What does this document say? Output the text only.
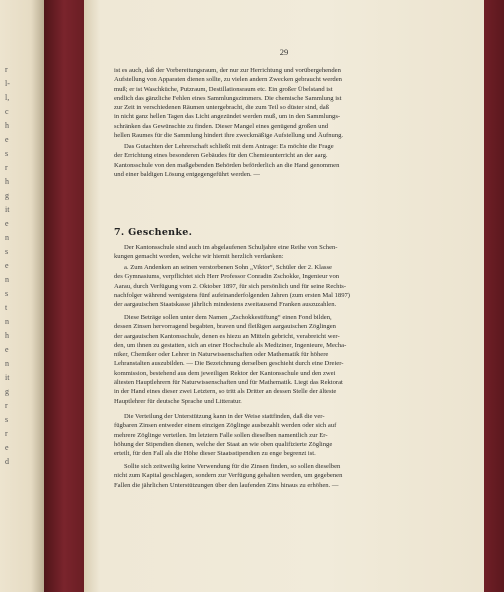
r
l-
l,
c
h
e
s
r
h
g
it
e
n
s
e
n
s
t
n
h
e
n
it
g
r
s
r
e
d
29
ist es auch, daß der Vorbereitungsraum, der nur zur Herrichtung und vorübergehenden
Aufstellung von Apparaten dienen sollte, zu vielen andern Zwecken gebraucht werden
muß; er ist Waschküche, Putzraum, Destillationsraum etc. Ein großer Übelstand ist
endlich das gänzliche Fehlen eines Sammlungszimmers. Die chemische Sammlung ist
zur Zeit in verschiedenen Räumen untergebracht, die zum Teil so düster sind, daß
in nicht ganz hellen Tagen das Licht angezündet werden muß, um in den Sammlungs-
schränken das Gewünschte zu finden. Dieser Mangel eines genügend großen und
hellen Raumes für die Sammlung hindert ihre zweckmäßige Aufstellung und Äufnung.
Das Gutachten der Lehrerschaft schließt mit dem Antrage: Es möchte die Frage
der Errichtung eines besonderen Gebäudes für den Chemieunterricht an der aarg.
Kantonsschule von den maßgebenden Behörden beförderlich an die Hand genommen
und einer baldigen Lösung entgegengeführt werden. —
7. Geschenke.
Der Kantonsschule sind auch im abgelaufenen Schuljahre eine Reihe von Schen-
kungen gemacht worden, welche wir hiemit herzlich verdanken:
a. Zum Andenken an seinen verstorbenen Sohn „Viktor“, Schüler der 2. Klasse
des Gymnasiums, verpflichtet sich Herr Professor Conradin Zschokke, Ingenieur von
Aarau, durch Verfügung vom 2. Oktober 1897, für sich persönlich und für seine Rechts-
nachfolger während wenigstens fünf aufeinanderfolgenden Jahren (zum ersten Mal 1897)
der aargauischen Staatskasse jährlich mindestens zweitausend Franken auszuzahlen.
Diese Beträge sollen unter dem Namen „Zschokkestiftung“ einen Fond bilden,
dessen Zinsen hervorragend begabten, braven und fleißigen aargauischen Zöglingen
der aargauischen Kantonsschule, denen es hiezu an Mitteln gebricht, verabreicht wer-
den, um ihnen zu gestatten, sich an einer Hochschule als Mediziner, Ingenieure, Mecha-
niker, Chemiker oder Lehrer in Naturwissenschaften oder Mathematik für höhere
Lehranstalten auszubilden. — Die Bezeichnung derselben geschieht durch eine Dreier-
kommission, bestehend aus dem jeweiligen Rektor der Kantonsschule und den zwei
ältesten Hauptlehrern für Naturwissenschaften und für Mathematik. Liegt das Rektorat
in der Hand eines dieser zwei Letztern, so tritt als Dritter an dessen Stelle der älteste
Hauptlehrer für deutsche Sprache und Litteratur.
Die Verteilung der Unterstützung kann in der Weise stattfinden, daß die ver-
fügbaren Zinsen entweder einem einzigen Zöglinge ausbezahlt werden oder sich auf
mehrere Zöglinge verteilen. Im letztern Falle sollen dieselben namentlich zur Er-
höhung der Stipendien dienen, welche der Staat an wie oben qualifizierte Zöglinge
erteilt, für den Fall als die Höhe dieser Staatsstipendien zu enge begrenzt ist.
Sollte sich zeitweilig keine Verwendung für die Zinsen finden, so sollen dieselben
nicht zum Kapital geschlagen, sondern zur Verfügung gehalten werden, um gegebenen
Fallen die jährlichen Unterstützungen über den laufenden Zins hinaus zu erhöhen. —
